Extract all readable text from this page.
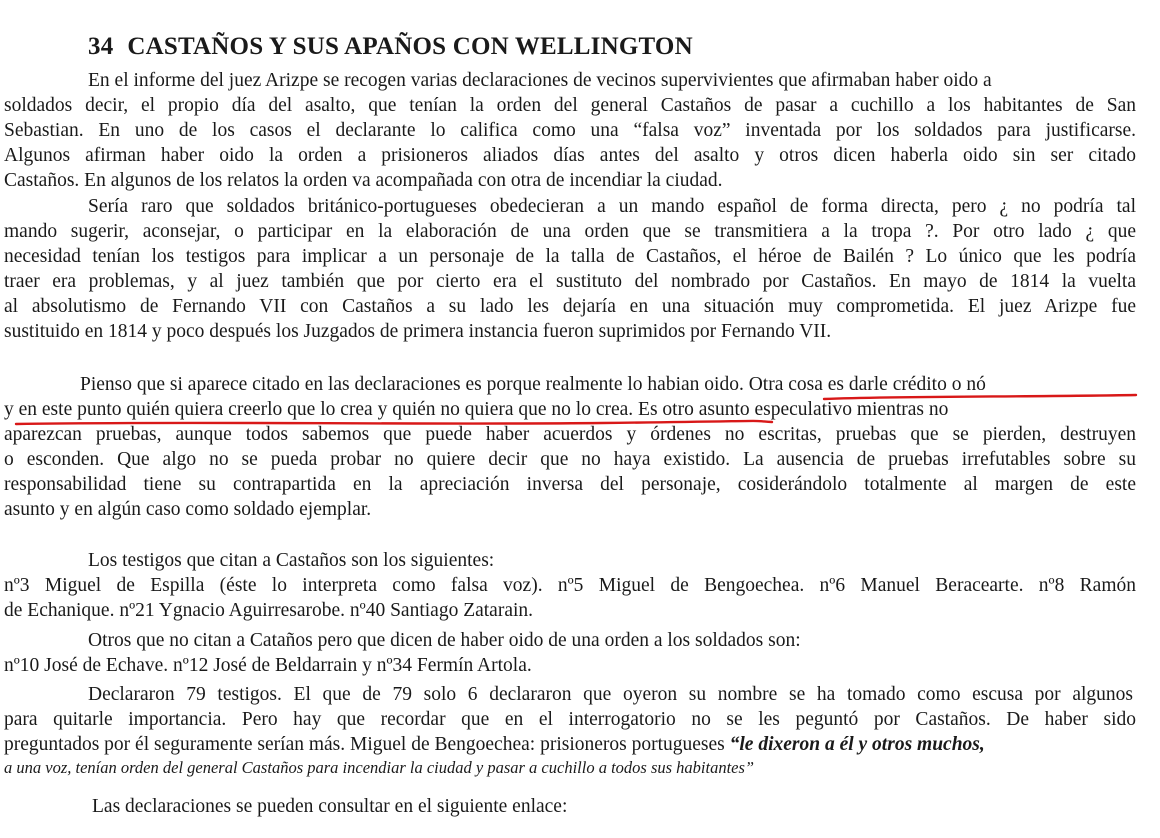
34 CASTAÑOS Y SUS APAÑOS CON WELLINGTON
En el informe del juez Arizpe se recogen varias declaraciones de vecinos supervivientes que afirmaban haber oido a
soldados decir, el propio día del asalto, que tenían la orden del general Castaños de pasar a cuchillo a los habitantes de San
Sebastian. En uno de los casos el declarante lo califica como una “falsa voz” inventada por los soldados para justificarse.
Algunos afirman haber oido la orden a prisioneros aliados días antes del asalto y otros dicen haberla oido sin ser citado
Castaños. En algunos de los relatos la orden va acompañada con otra de incendiar la ciudad.
Sería raro que soldados británico-portugueses obedecieran a un mando español de forma directa, pero ¿ no podría tal
mando sugerir, aconsejar, o participar en la elaboración de una orden que se transmitiera a la tropa ?. Por otro lado ¿ que
necesidad tenían los testigos para implicar a un personaje de la talla de Castaños, el héroe de Bailén ? Lo único que les podría
traer era problemas, y al juez también que por cierto era el sustituto del nombrado por Castaños. En mayo de 1814 la vuelta
al absolutismo de Fernando VII con Castaños a su lado les dejaría en una situación muy comprometida. El juez Arizpe fue
sustituido en 1814 y poco después los Juzgados de primera instancia fueron suprimidos por Fernando VII.
Pienso que si aparece citado en las declaraciones es porque realmente lo habian oido. Otra cosa es darle crédito o nó
y en este punto quién quiera creerlo que lo crea y quién no quiera que no lo crea. Es otro asunto especulativo mientras no
aparezcan pruebas, aunque todos sabemos que puede haber acuerdos y órdenes no escritas, pruebas que se pierden, destruyen
o esconden. Que algo no se pueda probar no quiere decir que no haya existido. La ausencia de pruebas irrefutables sobre su
responsabilidad tiene su contrapartida en la apreciación inversa del personaje, cosiderándolo totalmente al margen de este
asunto y en algún caso como soldado ejemplar.
Los testigos que citan a Castaños son los siguientes:
nº3 Miguel de Espilla (éste lo interpreta como falsa voz). nº5 Miguel de Bengoechea. nº6 Manuel Beracearte. nº8 Ramón
de Echanique. nº21 Ygnacio Aguirresarobe. nº40 Santiago Zatarain.
Otros que no citan a Cataños pero que dicen de haber oido de una orden a los soldados son:
nº10 José de Echave. nº12 José de Beldarrain y nº34 Fermín Artola.
Declararon 79 testigos. El que de 79 solo 6 declararon que oyeron su nombre se ha tomado como escusa por algunos
para quitarle importancia. Pero hay que recordar que en el interrogatorio no se les peguntó por Castaños. De haber sido
preguntados por él seguramente serían más. Miguel de Bengoechea: prisioneros portugueses “le dixeron a él y otros muchos,
a una voz, tenían orden del general Castaños para incendiar la ciudad y pasar a cuchillo a todos sus habitantes”
Las declaraciones se pueden consultar en el siguiente enlace:
